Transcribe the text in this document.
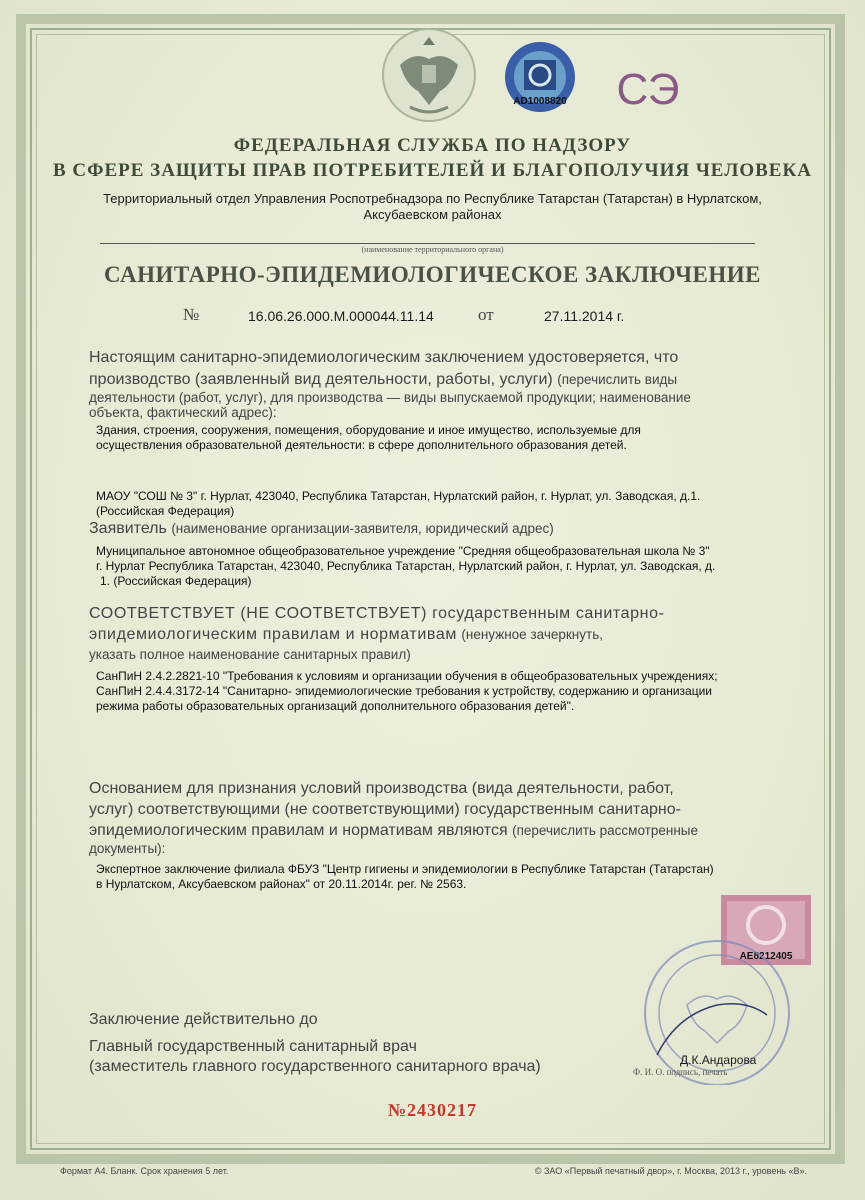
AD1008820 СЭ
ФЕДЕРАЛЬНАЯ СЛУЖБА ПО НАДЗОРУ
В СФЕРЕ ЗАЩИТЫ ПРАВ ПОТРЕБИТЕЛЕЙ И БЛАГОПОЛУЧИЯ ЧЕЛОВЕКА
Территориальный отдел Управления Роспотребнадзора по Республике Татарстан (Татарстан) в Нурлатском,
Аксубаевском районах
(наименование территориального органа)
САНИТАРНО-ЭПИДЕМИОЛОГИЧЕСКОЕ ЗАКЛЮЧЕНИЕ
№	16.06.26.000.М.000044.11.14	от	27.11.2014 г.
Настоящим санитарно-эпидемиологическим заключением удостоверяется, что
производство (заявленный вид деятельности, работы, услуги) (перечислить виды
деятельности (работ, услуг), для производства — виды выпускаемой продукции; наименование
объекта, фактический адрес):
Здания, строения, сооружения, помещения, оборудование и иное имущество, используемые для
осуществления образовательной деятельности: в сфере дополнительного образования детей.
МАОУ "СОШ № 3" г. Нурлат, 423040, Республика Татарстан, Нурлатский район, г. Нурлат, ул. Заводская, д.1.
(Российская Федерация)
Заявитель (наименование организации-заявителя, юридический адрес)
Муниципальное автономное общеобразовательное учреждение "Средняя общеобразовательная школа № 3"
г. Нурлат Республика Татарстан, 423040, Республика Татарстан, Нурлатский район, г. Нурлат, ул. Заводская, д.
1. (Российская Федерация)
СООТВЕТСТВУЕТ (НЕ СООТВЕТСТВУЕТ) государственным санитарно-
эпидемиологическим правилам и нормативам (ненужное зачеркнуть,
указать полное наименование санитарных правил)
СанПиН 2.4.2.2821-10 "Требования к условиям и организации обучения в общеобразовательных учреждениях;
СанПиН 2.4.4.3172-14 "Санитарно- эпидемиологические требования к устройству, содержанию и организации
режима работы образовательных организаций дополнительного образования детей".
Основанием для признания условий производства (вида деятельности, работ,
услуг) соответствующими (не соответствующими) государственным санитарно-
эпидемиологическим правилам и нормативам являются (перечислить рассмотренные
документы):
Экспертное заключение филиала ФБУЗ "Центр гигиены и эпидемиологии в Республике Татарстан (Татарстан)
в Нурлатском, Аксубаевском районах" от 20.11.2014г. рег. № 2563.
АЕ8212405
Заключение действительно до
Главный государственный санитарный врач
(заместитель главного государственного санитарного врача)	Д.К.Андарова
Ф. И. О. подпись, печать
№2430217
Формат А4. Бланк. Срок хранения 5 лет.	© ЗАО «Первый печатный двор», г. Москва, 2013 г., уровень «В».
